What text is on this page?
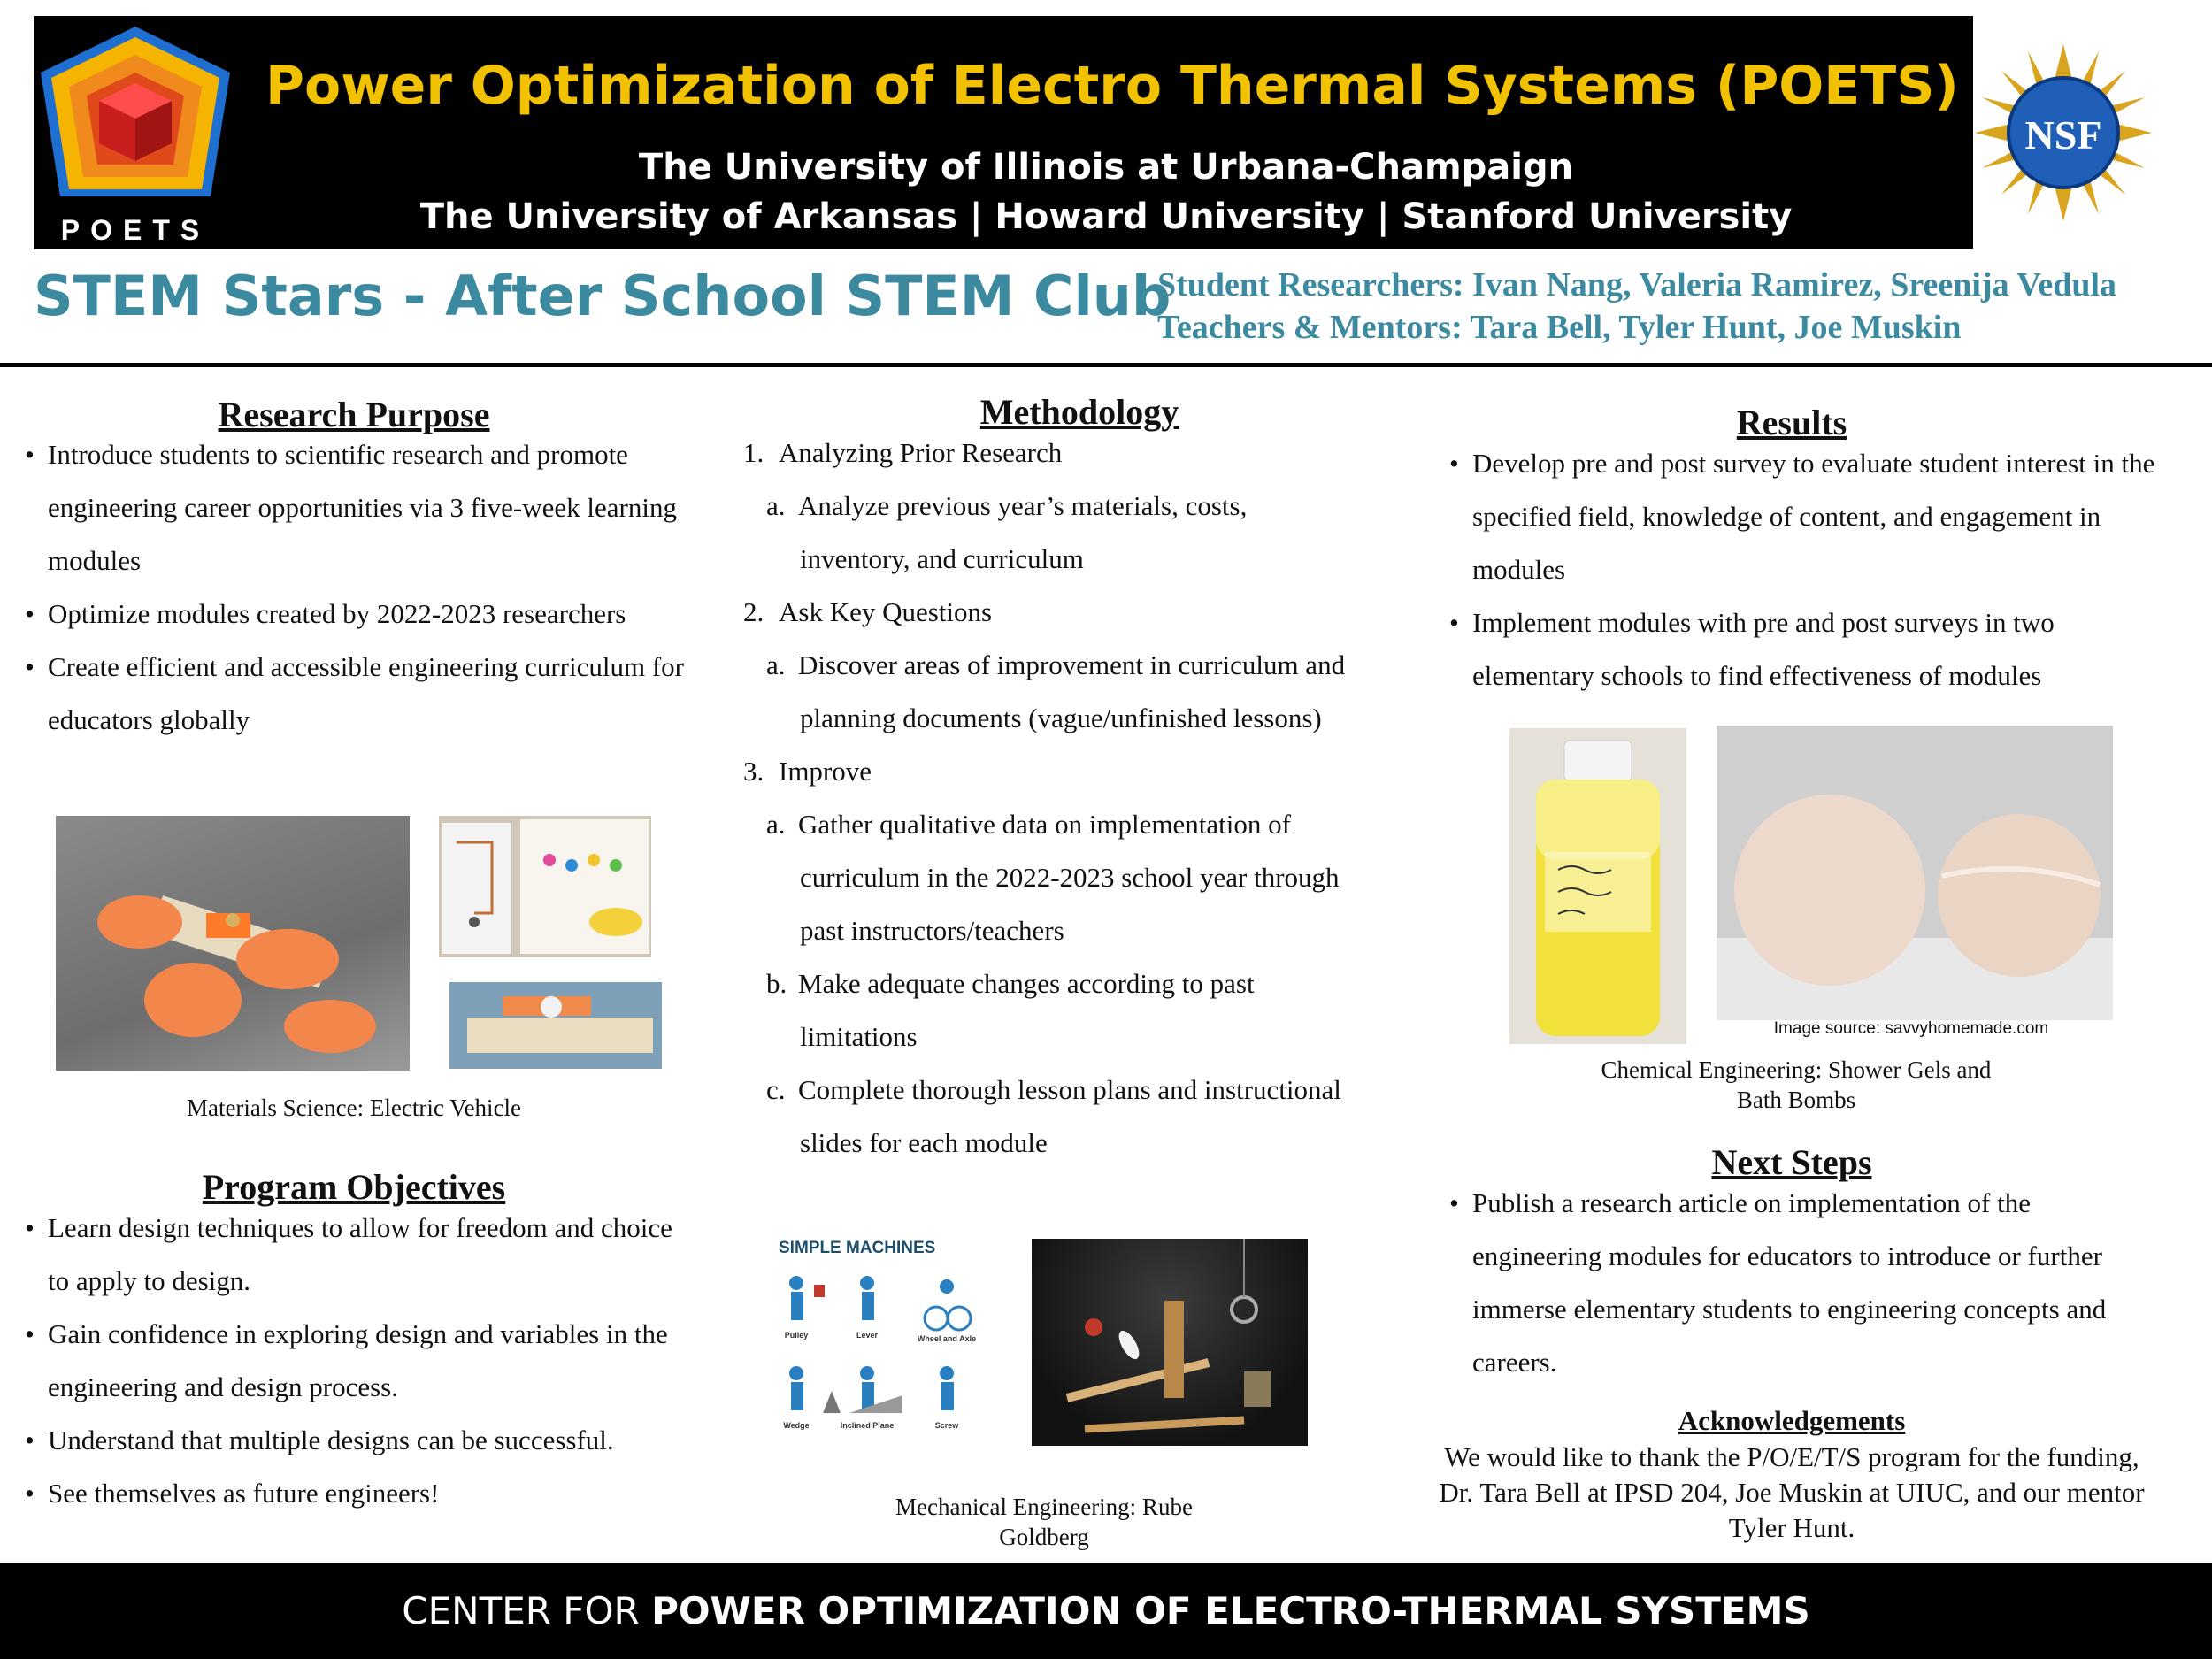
POETS
Power Optimization of Electro Thermal Systems (POETS)
The University of Illinois at Urbana-Champaign
The University of Arkansas | Howard University | Stanford University
NSF
STEM Stars - After School STEM Club
Student Researchers: Ivan Nang, Valeria Ramirez, Sreenija Vedula
Teachers & Mentors: Tara Bell, Tyler Hunt, Joe Muskin
Research Purpose
• Introduce students to scientific research and promote engineering career opportunities via 3 five-week learning modules
• Optimize modules created by 2022-2023 researchers
• Create efficient and accessible engineering curriculum for educators globally
Materials Science: Electric Vehicle
Program Objectives
• Learn design techniques to allow for freedom and choice to apply to design.
• Gain confidence in exploring design and variables in the engineering and design process.
• Understand that multiple designs can be successful.
• See themselves as future engineers!
Methodology
1. Analyzing Prior Research
a. Analyze previous year’s materials, costs,
inventory, and curriculum
2. Ask Key Questions
a. Discover areas of improvement in curriculum and
planning documents (vague/unfinished lessons)
3. Improve
a. Gather qualitative data on implementation of
curriculum in the 2022-2023 school year through
past instructors/teachers
b. Make adequate changes according to past
limitations
c. Complete thorough lesson plans and instructional
slides for each module
SIMPLE MACHINES
Pulley	Lever	Wheel and Axle
Wedge	Inclined Plane	Screw
Mechanical Engineering: Rube Goldberg
Results
• Develop pre and post survey to evaluate student interest in the specified field, knowledge of content, and engagement in modules
• Implement modules with pre and post surveys in two elementary schools to find effectiveness of modules
Image source: savvyhomemade.com
Chemical Engineering: Shower Gels and Bath Bombs
Next Steps
• Publish a research article on implementation of the engineering modules for educators to introduce or further immerse elementary students to engineering concepts and careers.
Acknowledgements
We would like to thank the P/O/E/T/S program for the funding, Dr. Tara Bell at IPSD 204, Joe Muskin at UIUC, and our mentor Tyler Hunt.
CENTER FOR POWER OPTIMIZATION OF ELECTRO-THERMAL SYSTEMS
